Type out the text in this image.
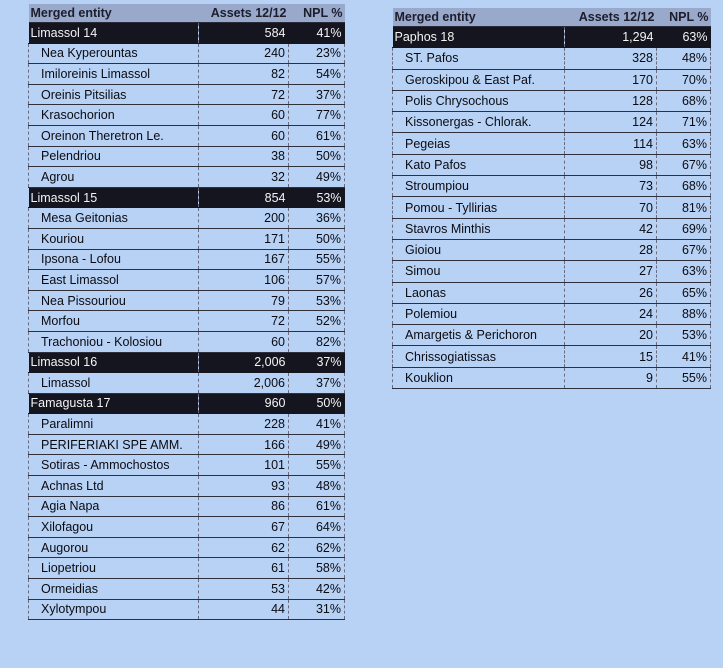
Merged entity	Assets 12/12	NPL %
Limassol 14	584	41%
Nea Kyperountas	240	23%
Imiloreinis Limassol	82	54%
Oreinis Pitsilias	72	37%
Krasochorion	60	77%
Oreinon Theretron Le.	60	61%
Pelendriou	38	50%
Agrou	32	49%
Limassol 15	854	53%
Mesa Geitonias	200	36%
Kouriou	171	50%
Ipsona - Lofou	167	55%
East Limassol	106	57%
Nea Pissouriou	79	53%
Morfou	72	52%
Trachoniou - Kolosiou	60	82%
Limassol 16	2,006	37%
Limassol	2,006	37%
Famagusta 17	960	50%
Paralimni	228	41%
PERIFERIAKI SPE AMM.	166	49%
Sotiras - Ammochostos	101	55%
Achnas Ltd	93	48%
Agia Napa	86	61%
Xilofagou	67	64%
Augorou	62	62%
Liopetriou	61	58%
Ormeidias	53	42%
Xylotympou	44	31%
Merged entity	Assets 12/12	NPL %
Paphos 18	1,294	63%
ST. Pafos	328	48%
Geroskipou & East Paf.	170	70%
Polis Chrysochous	128	68%
Kissonergas - Chlorak.	124	71%
Pegeias	114	63%
Kato Pafos	98	67%
Stroumpiou	73	68%
Pomou - Tyllirias	70	81%
Stavros Minthis	42	69%
Gioiou	28	67%
Simou	27	63%
Laonas	26	65%
Polemiou	24	88%
Amargetis & Perichoron	20	53%
Chrissogiatissas	15	41%
Kouklion	9	55%
